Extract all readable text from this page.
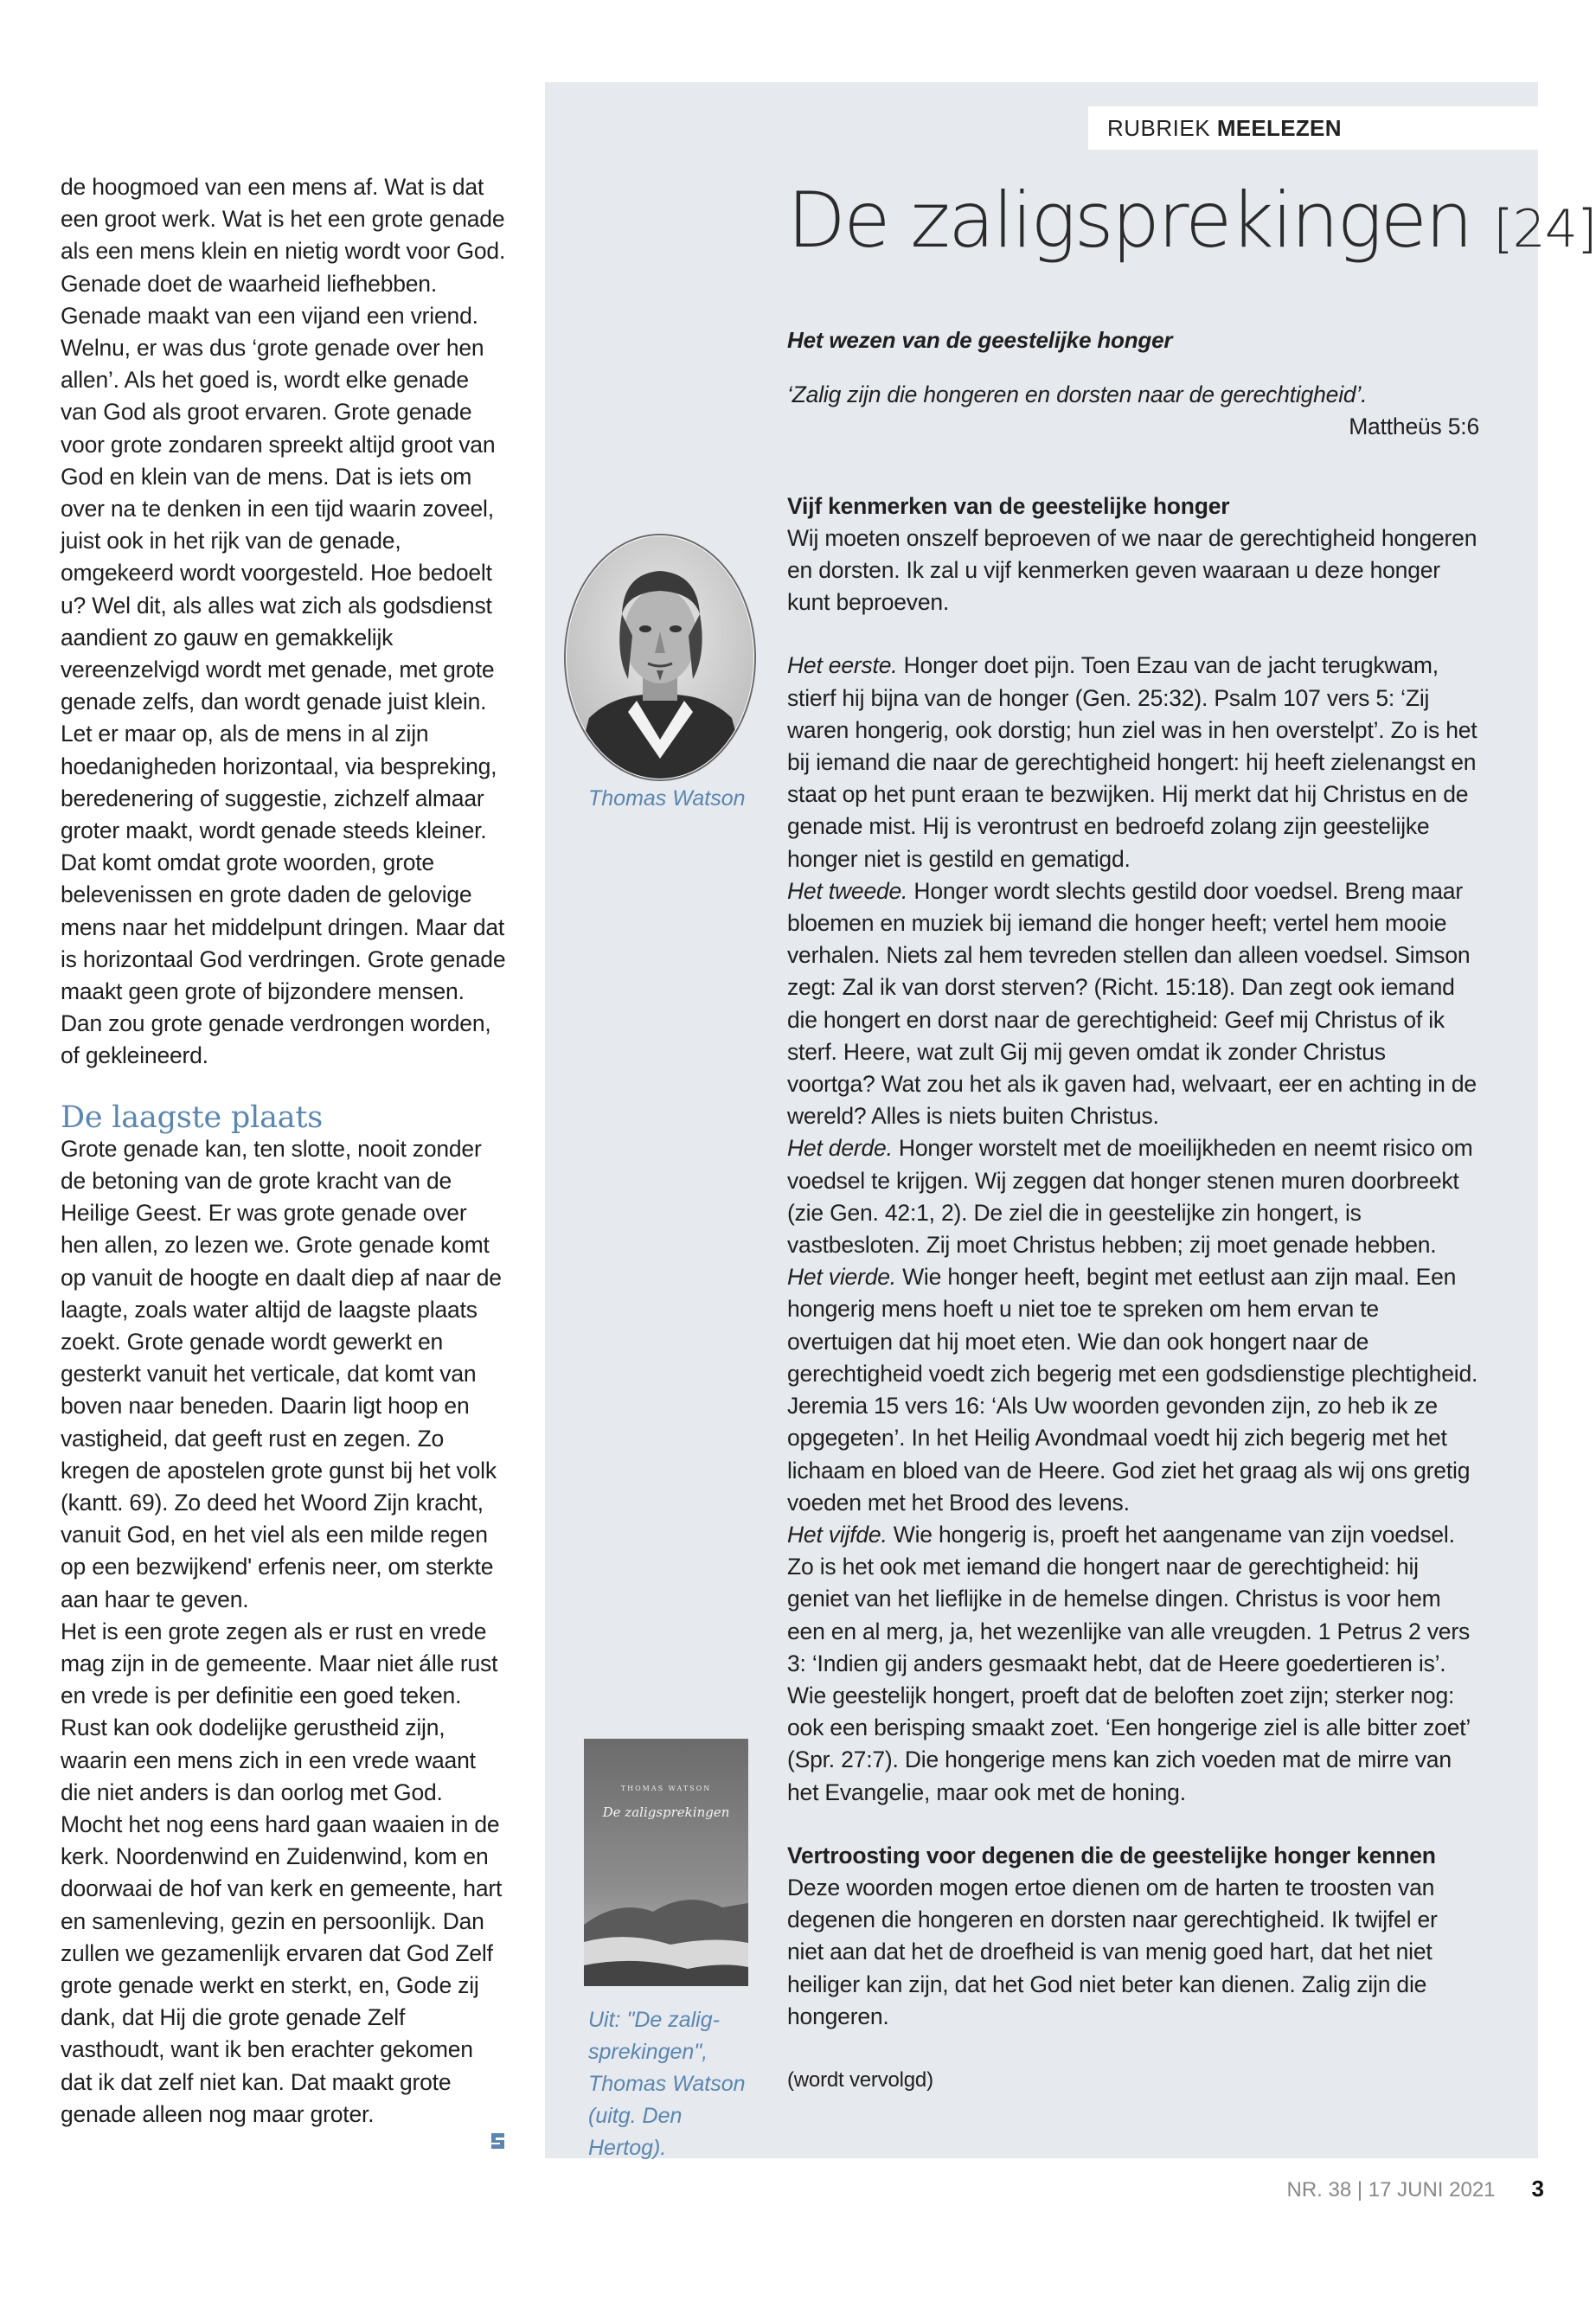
de hoogmoed van een mens af. Wat is dat een groot werk. Wat is het een grote genade als een mens klein en nietig wordt voor God. Genade doet de waarheid liefhebben. Genade maakt van een vijand een vriend. Welnu, er was dus ‘grote genade over hen allen’. Als het goed is, wordt elke genade van God als groot ervaren. Grote genade voor grote zondaren spreekt altijd groot van God en klein van de mens. Dat is iets om over na te denken in een tijd waarin zoveel, juist ook in het rijk van de genade, omgekeerd wordt voorgesteld. Hoe bedoelt u? Wel dit, als alles wat zich als godsdienst aandient zo gauw en gemakkelijk vereenzelvigd wordt met genade, met grote genade zelfs, dan wordt genade juist klein. Let er maar op, als de mens in al zijn hoedanigheden horizontaal, via bespreking, beredenering of suggestie, zichzelf almaar groter maakt, wordt genade steeds kleiner. Dat komt omdat grote woorden, grote belevenissen en grote daden de gelovige mens naar het middelpunt dringen. Maar dat is horizontaal God verdringen. Grote genade maakt geen grote of bijzondere mensen. Dan zou grote genade verdrongen worden, of gekleineerd.

De laagste plaats

Grote genade kan, ten slotte, nooit zonder de betoning van de grote kracht van de Heilige Geest. Er was grote genade over hen allen, zo lezen we. Grote genade komt op vanuit de hoogte en daalt diep af naar de laagte, zoals water altijd de laagste plaats zoekt. Grote genade wordt gewerkt en gesterkt vanuit het verticale, dat komt van boven naar beneden. Daarin ligt hoop en vastigheid, dat geeft rust en zegen. Zo kregen de apostelen grote gunst bij het volk (kantt. 69). Zo deed het Woord Zijn kracht, vanuit God, en het viel als een milde regen op een bezwijkend' erfenis neer, om sterkte aan haar te geven.

Het is een grote zegen als er rust en vrede mag zijn in de gemeente. Maar niet álle rust en vrede is per definitie een goed teken. Rust kan ook dodelijke gerustheid zijn, waarin een mens zich in een vrede waant die niet anders is dan oorlog met God. Mocht het nog eens hard gaan waaien in de kerk. Noordenwind en Zuidenwind, kom en doorwaai de hof van kerk en gemeente, hart en samenleving, gezin en persoonlijk. Dan zullen we gezamenlijk ervaren dat God Zelf grote genade werkt en sterkt, en, Gode zij dank, dat Hij die grote genade Zelf vasthoudt, want ik ben erachter gekomen dat ik dat zelf niet kan. Dat maakt grote genade alleen nog maar groter.

RUBRIEK MEELEZEN
De zaligsprekingen [24]

Het wezen van de geestelijke honger

‘Zalig zijn die hongeren en dorsten naar de gerechtigheid’.

Mattheüs 5:6

Vijf kenmerken van de geestelijke honger

Wij moeten onszelf beproeven of we naar de gerechtigheid hongeren en dorsten. Ik zal u vijf kenmerken geven waaraan u deze honger kunt beproeven.

Het eerste. Honger doet pijn. Toen Ezau van de jacht terugkwam, stierf hij bijna van de honger (Gen. 25:32). Psalm 107 vers 5: ‘Zij waren hongerig, ook dorstig; hun ziel was in hen overstelpt’. Zo is het bij iemand die naar de gerechtigheid hongert: hij heeft zielenangst en staat op het punt eraan te bezwijken. Hij merkt dat hij Christus en de genade mist. Hij is verontrust en bedroefd zolang zijn geestelijke honger niet is gestild en gematigd.

Het tweede. Honger wordt slechts gestild door voedsel. Breng maar bloemen en muziek bij iemand die honger heeft; vertel hem mooie verhalen. Niets zal hem tevreden stellen dan alleen voedsel. Simson zegt: Zal ik van dorst sterven? (Richt. 15:18). Dan zegt ook iemand die hongert en dorst naar de gerechtigheid: Geef mij Christus of ik sterf. Heere, wat zult Gij mij geven omdat ik zonder Christus voortga? Wat zou het als ik gaven had, welvaart, eer en achting in de wereld? Alles is niets buiten Christus.

Het derde. Honger worstelt met de moeilijkheden en neemt risico om voedsel te krijgen. Wij zeggen dat honger stenen muren doorbreekt (zie Gen. 42:1, 2). De ziel die in geestelijke zin hongert, is vastbesloten. Zij moet Christus hebben; zij moet genade hebben.

Het vierde. Wie honger heeft, begint met eetlust aan zijn maal. Een hongerig mens hoeft u niet toe te spreken om hem ervan te overtuigen dat hij moet eten. Wie dan ook hongert naar de gerechtigheid voedt zich begerig met een godsdienstige plechtigheid. Jeremia 15 vers 16: ‘Als Uw woorden gevonden zijn, zo heb ik ze opgegeten’. In het Heilig Avondmaal voedt hij zich begerig met het lichaam en bloed van de Heere. God ziet het graag als wij ons gretig voeden met het Brood des levens.

Het vijfde. Wie hongerig is, proeft het aangename van zijn voedsel. Zo is het ook met iemand die hongert naar de gerechtigheid: hij geniet van het lieflijke in de hemelse dingen. Christus is voor hem een en al merg, ja, het wezenlijke van alle vreugden. 1 Petrus 2 vers 3: ‘Indien gij anders gesmaakt hebt, dat de Heere goedertieren is’. Wie geestelijk hongert, proeft dat de beloften zoet zijn; sterker nog: ook een berisping smaakt zoet. ‘Een hongerige ziel is alle bitter zoet’ (Spr. 27:7). Die hongerige mens kan zich voeden mat de mirre van het Evangelie, maar ook met de honing.

Vertroosting voor degenen die de geestelijke honger kennen

Deze woorden mogen ertoe dienen om de harten te troosten van degenen die hongeren en dorsten naar gerechtigheid. Ik twijfel er niet aan dat het de droefheid is van menig goed hart, dat het niet heiliger kan zijn, dat het God niet beter kan dienen. Zalig zijn die hongeren.

(wordt vervolgd)

Thomas Watson
THOMAS WATSON
De zaligsprekingen
Uit: "De zalig-sprekingen", Thomas Watson (uitg. Den Hertog).
NR. 38 | 17 JUNI 2021 3
